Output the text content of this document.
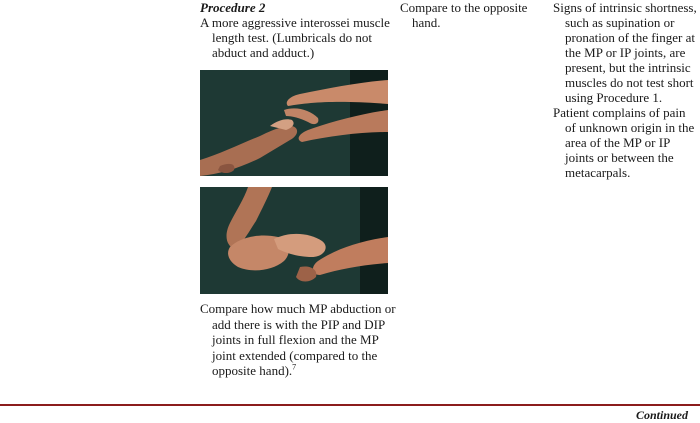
Procedure 2

A more aggressive interossei muscle length test. (Lumbricals do not abduct and adduct.)

Compare how much MP abduction or add there is with the PIP and DIP joints in full flexion and the MP joint extended (compared to the opposite hand).$^7$

Compare to the opposite hand.

Signs of intrinsic shortness, such as supination or pronation of the finger at the MP or IP joints, are present, but the intrinsic muscles do not test short using Procedure 1.

Patient complains of pain of unknown origin in the area of the MP or IP joints or between the metacarpals.

Continued
